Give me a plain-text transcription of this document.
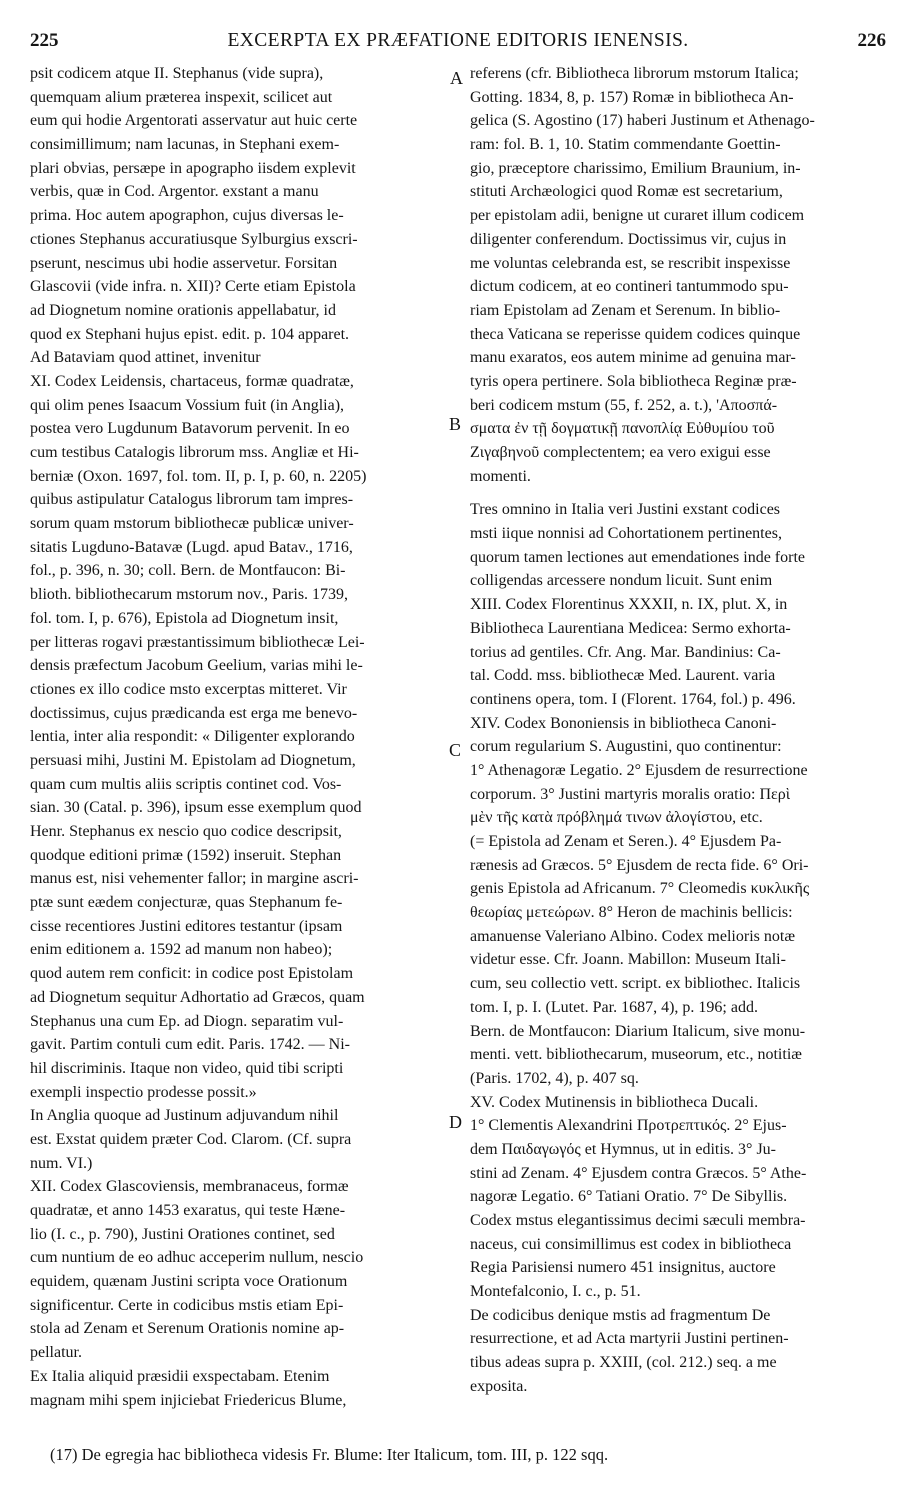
225	EXCERPTA EX PRÆFATIONE EDITORIS IENENSIS.	226
psit codicem atque II. Stephanus (vide supra),
quemquam alium præterea inspexit, scilicet aut
eum qui hodie Argentorati asservatur aut huic certe
consimillimum; nam lacunas, in Stephani exem-
plari obvias, persæpe in apographo iisdem explevit
verbis, quæ in Cod. Argentor. exstant a manu
prima. Hoc autem apographon, cujus diversas le-
ctiones Stephanus accuratiusque Sylburgius exscri-
pserunt, nescimus ubi hodie asservetur. Forsitan
Glascovii (vide infra. n. XII)? Certe etiam Epistola
ad Diognetum nomine orationis appellabatur, id
quod ex Stephani hujus epist. edit. p. 104 apparet.
Ad Bataviam quod attinet, invenitur
XI. Codex Leidensis, chartaceus, formæ quadratæ,
qui olim penes Isaacum Vossium fuit (in Anglia),
postea vero Lugdunum Batavorum pervenit. In eo
cum testibus Catalogis librorum mss. Angliæ et Hi-
berniæ (Oxon. 1697, fol. tom. II, p. I, p. 60, n. 2205)
quibus astipulatur Catalogus librorum tam impres-
sorum quam mstorum bibliothecæ publicæ univer-
sitatis Lugduno-Batavæ (Lugd. apud Batav., 1716,
fol., p. 396, n. 30; coll. Bern. de Montfaucon: Bi-
blioth. bibliothecarum mstorum nov., Paris. 1739,
fol. tom. I, p. 676), Epistola ad Diognetum insit,
per litteras rogavi præstantissimum bibliothecæ Lei-
densis præfectum Jacobum Geelium, varias mihi le-
ctiones ex illo codice msto excerptas mitteret. Vir
doctissimus, cujus prædicanda est erga me benevo-
lentia, inter alia respondit: « Diligenter explorando
persuasi mihi, Justini M. Epistolam ad Diognetum,
quam cum multis aliis scriptis continet cod. Vos-
sian. 30 (Catal. p. 396), ipsum esse exemplum quod
Henr. Stephanus ex nescio quo codice descripsit,
quodque editioni primæ (1592) inseruit. Stephan
manus est, nisi vehementer fallor; in margine ascri-
ptæ sunt eædem conjecturæ, quas Stephanum fe-
cisse recentiores Justini editores testantur (ipsam
enim editionem a. 1592 ad manum non habeo);
quod autem rem conficit: in codice post Epistolam
ad Diognetum sequitur Adhortatio ad Græcos, quam
Stephanus una cum Ep. ad Diogn. separatim vul-
gavit. Partim contuli cum edit. Paris. 1742. — Ni-
hil discriminis. Itaque non video, quid tibi scripti
exempli inspectio prodesse possit.»
In Anglia quoque ad Justinum adjuvandum nihil
est. Exstat quidem præter Cod. Clarom. (Cf. supra
num. VI.)
XII. Codex Glascoviensis, membranaceus, formæ
quadratæ, et anno 1453 exaratus, qui teste Hæne-
lio (I. c., p. 790), Justini Orationes continet, sed
cum nuntium de eo adhuc acceperim nullum, nescio
equidem, quænam Justini scripta voce Orationum
significentur. Certe in codicibus mstis etiam Epi-
stola ad Zenam et Serenum Orationis nomine ap-
pellatur.
Ex Italia aliquid præsidii exspectabam. Etenim
magnam mihi spem injiciebat Friedericus Blume,
referens (cfr. Bibliotheca librorum mstorum Italica;
Gotting. 1834, 8, p. 157) Romæ in bibliotheca An-
gelica (S. Agostino (17) haberi Justinum et Athenago-
ram: fol. B. 1, 10. Statim commendante Goettin-
gio, præceptore charissimo, Emilium Braunium, in-
stituti Archæologici quod Romæ est secretarium,
per epistolam adii, benigne ut curaret illum codicem
diligenter conferendum. Doctissimus vir, cujus in
me voluntas celebranda est, se rescribit inspexisse
dictum codicem, at eo contineri tantummodo spu-
riam Epistolam ad Zenam et Serenum. In biblio-
theca Vaticana se reperisse quidem codices quinque
manu exaratos, eos autem minime ad genuina mar-
tyris opera pertinere. Sola bibliotheca Reginæ præ-
beri codicem mstum (55, f. 252, a. t.), 'Αποσπά-
σματα ἐν τῇ δογματικῇ πανοπλίᾳ Εὐθυμίου τοῦ
Ζιγαβηνοῦ complectentem; ea vero exigui esse
momenti.
Tres omnino in Italia veri Justini exstant codices
msti iique nonnisi ad Cohortationem pertinentes,
quorum tamen lectiones aut emendationes inde forte
colligendas arcessere nondum licuit. Sunt enim
XIII. Codex Florentinus XXXII, n. IX, plut. X, in
Bibliotheca Laurentiana Medicea: Sermo exhorta-
torius ad gentiles. Cfr. Ang. Mar. Bandinius: Ca-
tal. Codd. mss. bibliothecæ Med. Laurent. varia
continens opera, tom. I (Florent. 1764, fol.) p. 496.
XIV. Codex Bononiensis in bibliotheca Canoni-
corum regularium S. Augustini, quo continentur:
1° Athenagoræ Legatio. 2° Ejusdem de resurrectione
corporum. 3° Justini martyris moralis oratio: Περὶ
μὲν τῆς κατὰ πρόβλημά τινων ἀλογίστου, etc.
(= Epistola ad Zenam et Seren.). 4° Ejusdem Pa-
rænesis ad Græcos. 5° Ejusdem de recta fide. 6° Ori-
genis Epistola ad Africanum. 7° Cleomedis κυκλικῆς
θεωρίας μετεώρων. 8° Heron de machinis bellicis:
amanuense Valeriano Albino. Codex melioris notæ
videtur esse. Cfr. Joann. Mabillon: Museum Itali-
cum, seu collectio vett. script. ex bibliothec. Italicis
tom. I, p. I. (Lutet. Par. 1687, 4), p. 196; add.
Bern. de Montfaucon: Diarium Italicum, sive monu-
menti. vett. bibliothecarum, museorum, etc., notitiæ
(Paris. 1702, 4), p. 407 sq.
XV. Codex Mutinensis in bibliotheca Ducali.
1° Clementis Alexandrini Προτρεπτικός. 2° Ejus-
dem Παιδαγωγός et Hymnus, ut in editis. 3° Ju-
stini ad Zenam. 4° Ejusdem contra Græcos. 5° Athe-
nagoræ Legatio. 6° Tatiani Oratio. 7° De Sibyllis.
Codex mstus elegantissimus decimi sæculi membra-
naceus, cui consimillimus est codex in bibliotheca
Regia Parisiensi numero 451 insignitus, auctore
Montefalconio, I. c., p. 51.
De codicibus denique mstis ad fragmentum De
resurrectione, et ad Acta martyrii Justini pertinen-
tibus adeas supra p. XXIII, (col. 212.) seq. a me
exposita.
A
B
C
D
(17) De egregia hac bibliotheca videsis Fr. Blume: Iter Italicum, tom. III, p. 122 sqq.
